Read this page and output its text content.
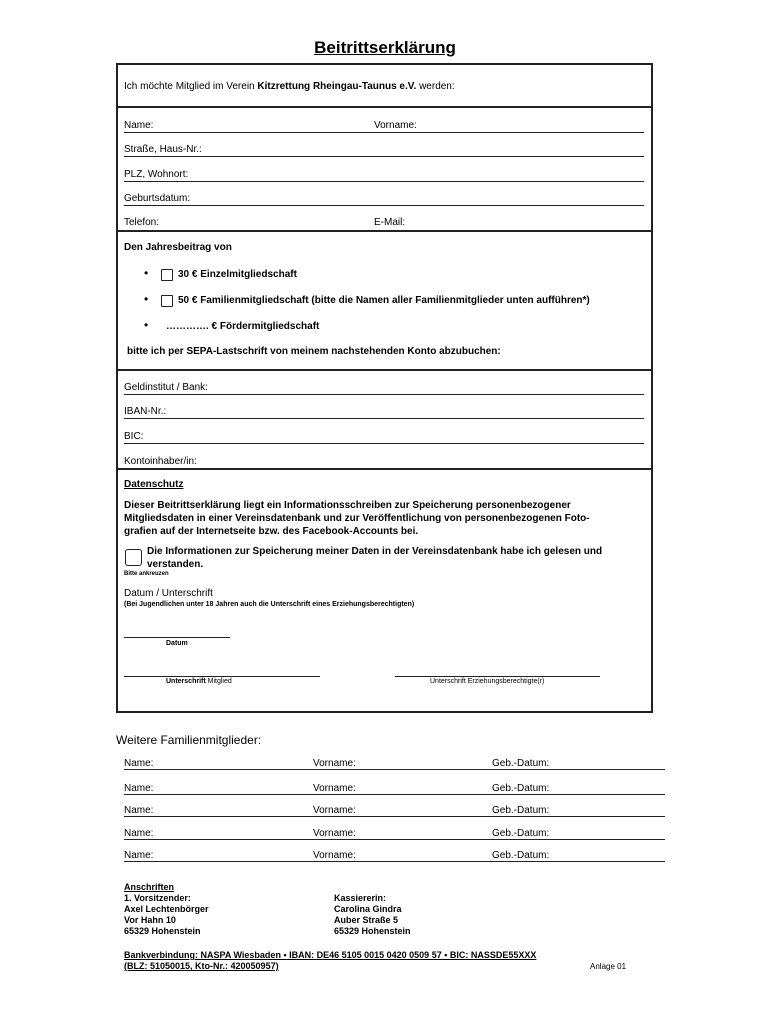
Beitrittserklärung
Ich möchte Mitglied im Verein Kitzrettung Rheingau-Taunus e.V. werden:
Name:	Vorname:
Straße, Haus-Nr.:
PLZ, Wohnort:
Geburtsdatum:
Telefon:	E-Mail:
Den Jahresbeitrag von
•	30 € Einzelmitgliedschaft
•	50 € Familienmitgliedschaft (bitte die Namen aller Familienmitglieder unten aufführen*)
• …………. € Fördermitgliedschaft
bitte ich per SEPA-Lastschrift von meinem nachstehenden Konto abzubuchen:
Geldinstitut / Bank:
IBAN-Nr.:
BIC:
Kontoinhaber/in:
Datenschutz
Dieser Beitrittserklärung liegt ein Informationsschreiben zur Speicherung personenbezogener
Mitgliedsdaten in einer Vereinsdatenbank und zur Veröffentlichung von personenbezogenen Foto-
grafien auf der Internetseite bzw. des Facebook-Accounts bei.
Die Informationen zur Speicherung meiner Daten in der Vereinsdatenbank habe ich gelesen und
verstanden.
Bitte ankreuzen
Datum / Unterschrift
(Bei Jugendlichen unter 18 Jahren auch die Unterschrift eines Erziehungsberechtigten)
Datum
Unterschrift Mitglied	Unterschrift Erziehungsberechtigte(r)
Weitere Familienmitglieder:
Name:	Vorname:	Geb.-Datum:
Name:	Vorname:	Geb.-Datum:
Name:	Vorname:	Geb.-Datum:
Name:	Vorname:	Geb.-Datum:
Name:	Vorname:	Geb.-Datum:
Anschriften
1. Vorsitzender:
Axel Lechtenbörger
Vor Hahn 10
65329 Hohenstein
Kassiererin:
Carolina Gindra
Auber Straße 5
65329 Hohenstein
Bankverbindung: NASPA Wiesbaden • IBAN: DE46 5105 0015 0420 0509 57 • BIC: NASSDE55XXX
(BLZ: 51050015, Kto-Nr.: 420050957)	Anlage 01
